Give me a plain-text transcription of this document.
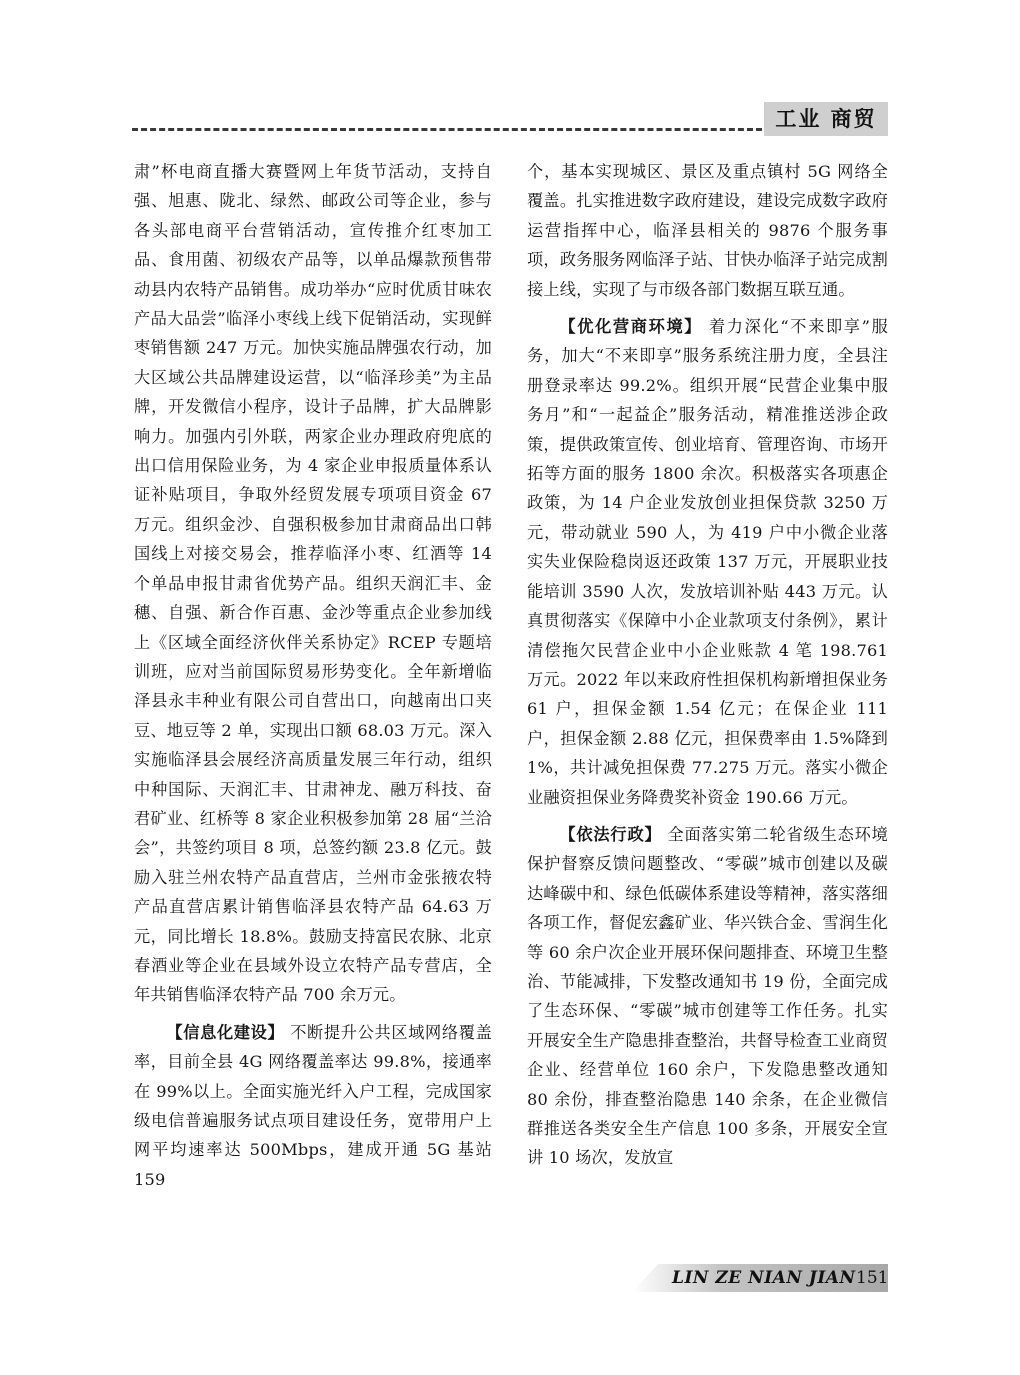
工业 商贸

肃”杯电商直播大赛暨网上年货节活动，支持自强、旭惠、陇北、绿然、邮政公司等企业，参与各头部电商平台营销活动，宣传推介红枣加工品、食用菌、初级农产品等，以单品爆款预售带动县内农特产品销售。成功举办“应时优质甘味农产品大品尝”临泽小枣线上线下促销活动，实现鲜枣销售额 247 万元。加快实施品牌强农行动，加大区域公共品牌建设运营，以“临泽珍美”为主品牌，开发微信小程序，设计子品牌，扩大品牌影响力。加强内引外联，两家企业办理政府兜底的出口信用保险业务，为 4 家企业申报质量体系认证补贴项目，争取外经贸发展专项项目资金 67 万元。组织金沙、自强积极参加甘肃商品出口韩国线上对接交易会，推荐临泽小枣、红酒等 14 个单品申报甘肃省优势产品。组织天润汇丰、金穗、自强、新合作百惠、金沙等重点企业参加线上《区域全面经济伙伴关系协定》RCEP 专题培训班，应对当前国际贸易形势变化。全年新增临泽县永丰种业有限公司自营出口，向越南出口夹豆、地豆等 2 单，实现出口额 68.03 万元。深入实施临泽县会展经济高质量发展三年行动，组织中种国际、天润汇丰、甘肃神龙、融万科技、奋君矿业、红桥等 8 家企业积极参加第 28 届“兰洽会”，共签约项目 8 项，总签约额 23.8 亿元。鼓励入驻兰州农特产品直营店，兰州市金张掖农特产品直营店累计销售临泽县农特产品 64.63 万元，同比增长 18.8%。鼓励支持富民农脉、北京春酒业等企业在县域外设立农特产品专营店，全年共销售临泽农特产品 700 余万元。

【信息化建设】 不断提升公共区域网络覆盖率，目前全县 4G 网络覆盖率达 99.8%，接通率在 99%以上。全面实施光纤入户工程，完成国家级电信普遍服务试点项目建设任务，宽带用户上网平均速率达 500Mbps，建成开通 5G 基站 159

个，基本实现城区、景区及重点镇村 5G 网络全覆盖。扎实推进数字政府建设，建设完成数字政府运营指挥中心，临泽县相关的 9876 个服务事项，政务服务网临泽子站、甘快办临泽子站完成割接上线，实现了与市级各部门数据互联互通。

【优化营商环境】 着力深化“不来即享”服务，加大“不来即享”服务系统注册力度，全县注册登录率达 99.2%。组织开展“民营企业集中服务月”和“一起益企”服务活动，精准推送涉企政策，提供政策宣传、创业培育、管理咨询、市场开拓等方面的服务 1800 余次。积极落实各项惠企政策，为 14 户企业发放创业担保贷款 3250 万元，带动就业 590 人，为 419 户中小微企业落实失业保险稳岗返还政策 137 万元，开展职业技能培训 3590 人次，发放培训补贴 443 万元。认真贯彻落实《保障中小企业款项支付条例》，累计清偿拖欠民营企业中小企业账款 4 笔 198.761 万元。2022 年以来政府性担保机构新增担保业务 61 户，担保金额 1.54 亿元；在保企业 111 户，担保金额 2.88 亿元，担保费率由 1.5%降到 1%，共计减免担保费 77.275 万元。落实小微企业融资担保业务降费奖补资金 190.66 万元。

【依法行政】 全面落实第二轮省级生态环境保护督察反馈问题整改、“零碳”城市创建以及碳达峰碳中和、绿色低碳体系建设等精神，落实落细各项工作，督促宏鑫矿业、华兴铁合金、雪润生化等 60 余户次企业开展环保问题排查、环境卫生整治、节能减排，下发整改通知书 19 份，全面完成了生态环保、“零碳”城市创建等工作任务。扎实开展安全生产隐患排查整治，共督导检查工业商贸企业、经营单位 160 余户，下发隐患整改通知 80 余份，排查整治隐患 140 余条，在企业微信群推送各类安全生产信息 100 多条，开展安全宣讲 10 场次，发放宣

LIN ZE NIAN JIAN 151
